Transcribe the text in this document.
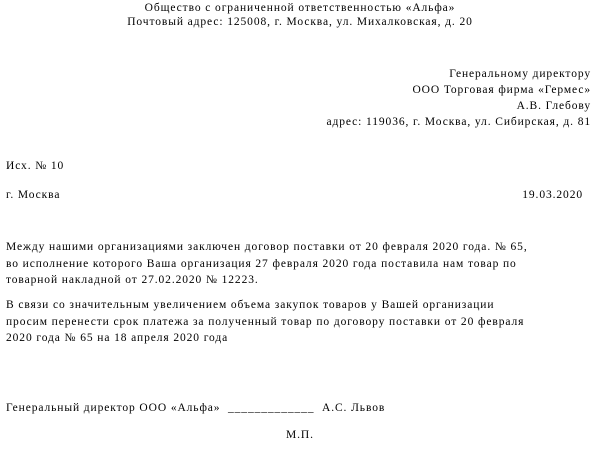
Общество с ограниченной ответственностью «Альфа»
Почтовый адрес: 125008, г. Москва, ул. Михалковская, д. 20
Генеральному директору
ООО Торговая фирма «Гермес»
А.В. Глебову
адрес: 119036, г. Москва, ул. Сибирская, д. 81
Исх. № 10
г. Москва	19.03.2020
Между нашими организациями заключен договор поставки от 20 февраля 2020 года. № 65,
во исполнение которого Ваша организация 27 февраля 2020 года поставила нам товар по
товарной накладной от 27.02.2020 № 12223.
В связи со значительным увеличением объема закупок товаров у Вашей организации
просим перенести срок платежа за полученный товар по договору поставки от 20 февраля
2020 года № 65 на 18 апреля 2020 года
Генеральный директор ООО «Альфа»  _____________  А.С. Львов
М.П.
